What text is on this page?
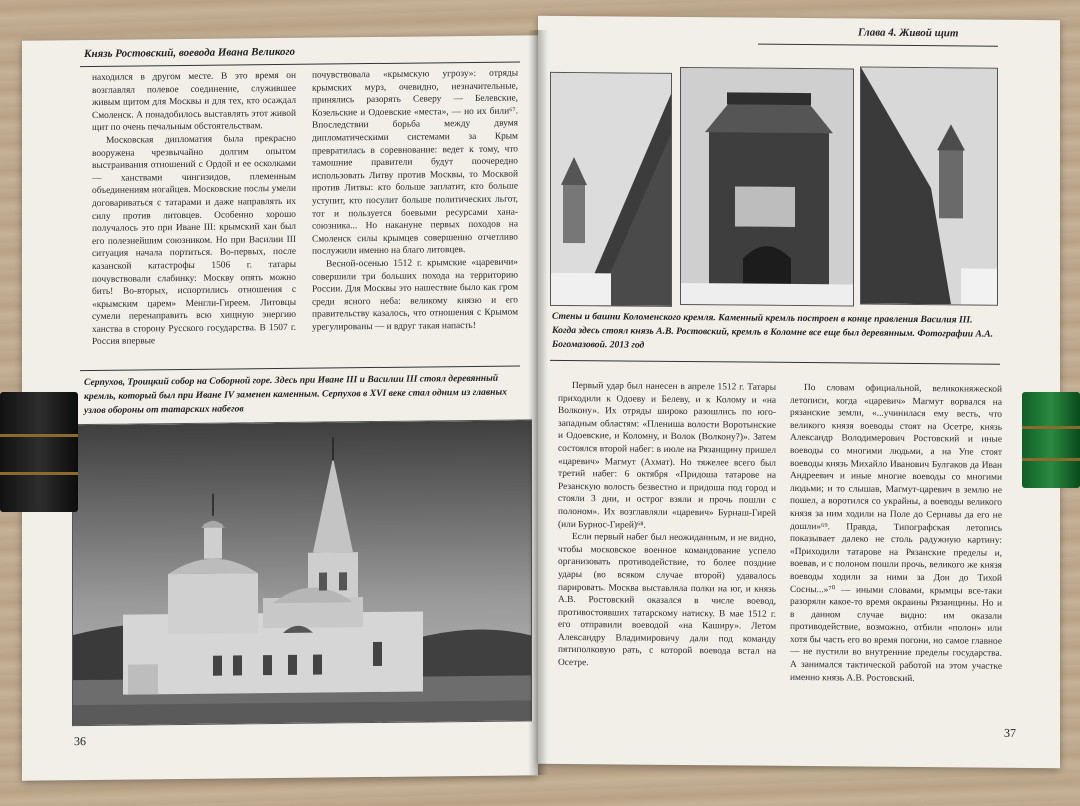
Князь Ростовский, воевода Ивана Великого

находился в другом месте. В это время он возглавлял полевое соединение, служившее живым щитом для Москвы и для тех, кто осаждал Смоленск. А понадобилось выставлять этот живой щит по очень печальным обстоятельствам.

Московская дипломатия была прекрасно вооружена чрезвычайно долгим опытом выстраивания отношений с Ордой и ее осколками — ханствами чингизидов, племенным объединениям ногайцев. Московские послы умели договариваться с татарами и даже направлять их силу против литовцев. Особенно хорошо получалось это при Иване III: крымский хан был его полезнейшим союзником. Но при Василии III ситуация начала портиться. Во-первых, после казанской катастрофы 1506 г. татары почувствовали слабинку: Москву опять можно бить! Во-вторых, испортились отношения с «крымским царем» Менгли-Гиреем. Литовцы сумели перенаправить всю хищную энергию ханства в сторону Русского государства. В 1507 г. Россия впервые

почувствовала «крымскую угрозу»: отряды крымских мурз, очевидно, незначительные, принялись разорять Северу — Белевские, Козельские и Одоевские «места», — но их били⁶⁷. Впоследствии борьба между двумя дипломатическими системами за Крым превратилась в соревнование: ведет к тому, что тамошние правители будут поочередно использовать Литву против Москвы, то Москвой против Литвы: кто больше заплатит, кто больше уступит, кто посулит больше политических льгот, тот и пользуется боевыми ресурсами хана-союзника... Но накануне первых походов на Смоленск силы крымцев совершенно отчетливо послужили именно на благо литовцев.

Весной-осенью 1512 г. крымские «царевичи» совершили три больших похода на территорию России. Для Москвы это нашествие было как гром среди ясного неба: великому князю и его правительству казалось, что отношения с Крымом урегулированы — и вдруг такая напасть!

Серпухов, Троицкий собор на Соборной горе. Здесь при Иване III и Василии III стоял деревянный кремль, который был при Иване IV заменен каменным. Серпухов в XVI веке стал одним из главных узлов обороны от татарских набегов
36
Глава 4. Живой щит
Стены и башни Коломенского кремля. Каменный кремль построен в конце правления Василия III. Когда здесь стоял князь А.В. Ростовский, кремль в Коломне все еще был деревянным. Фотографии А.А. Богомазовой. 2013 год

Первый удар был нанесен в апреле 1512 г. Татары приходили к Одоеву и Белеву, и к Колому и «на Волкону». Их отряды широко разошлись по юго-западным областям: «Плениша волости Воротынские и Одоевские, и Коломну, и Волок (Волкону?)». Затем состоялся второй набег: в июле на Рязанщину пришел «царевич» Магмут (Ахмат). Но тяжелее всего был третий набег: 6 октября «Придоша татарове на Резанскую волость безвестно и придоша под город и стояли 3 дни, и острог взяли и прочь пошли с полоном». Их возглавляли «царевич» Бурнаш-Гирей (или Бурнос-Гирей)⁶⁸.

Если первый набег был неожиданным, и не видно, чтобы московское военное командование успело организовать противодействие, то более поздние удары (во всяком случае второй) удавалось парировать. Москва выставляла полки на юг, и князь А.В. Ростовский оказался в числе воевод, противостоявших татарскому натиску. В мае 1512 г. его отправили воеводой «на Каширу». Летом Александру Владимировичу дали под команду пятиполковую рать, с которой воевода встал на Осетре.

По словам официальной, великокняжеской летописи, когда «царевич» Магмут ворвался на рязанские земли, «...учинилася ему весть, что великого князя воеводы стоят на Осетре, князь Александр Володимерович Ростовский и иные воеводы со многими людьми, а на Упе стоят воеводы князь Михайло Иванович Булгаков да Иван Андреевич и иные многие воеводы со многими людьми; и то слышав, Магмут-царевич в землю не пошел, а воротился со украйны, а воеводы великого князя за ним ходили на Поле до Сернавы да его не дошли»⁶⁹. Правда, Типографская летопись показывает далеко не столь радужную картину: «Приходили татарове на Рязанские пределы и, воевав, и с полоном пошли прочь, великого же князя воеводы ходили за ними за Дон до Тихой Сосны...»⁷⁰ — иными словами, крымцы все-таки разоряли какое-то время окраины Рязанщины. Но и в данном случае видно: им оказали противодействие, возможно, отбили «полон» или хотя бы часть его во время погони, но самое главное — не пустили во внутренние пределы государства. А занимался тактической работой на этом участке именно князь А.В. Ростовский.

37
